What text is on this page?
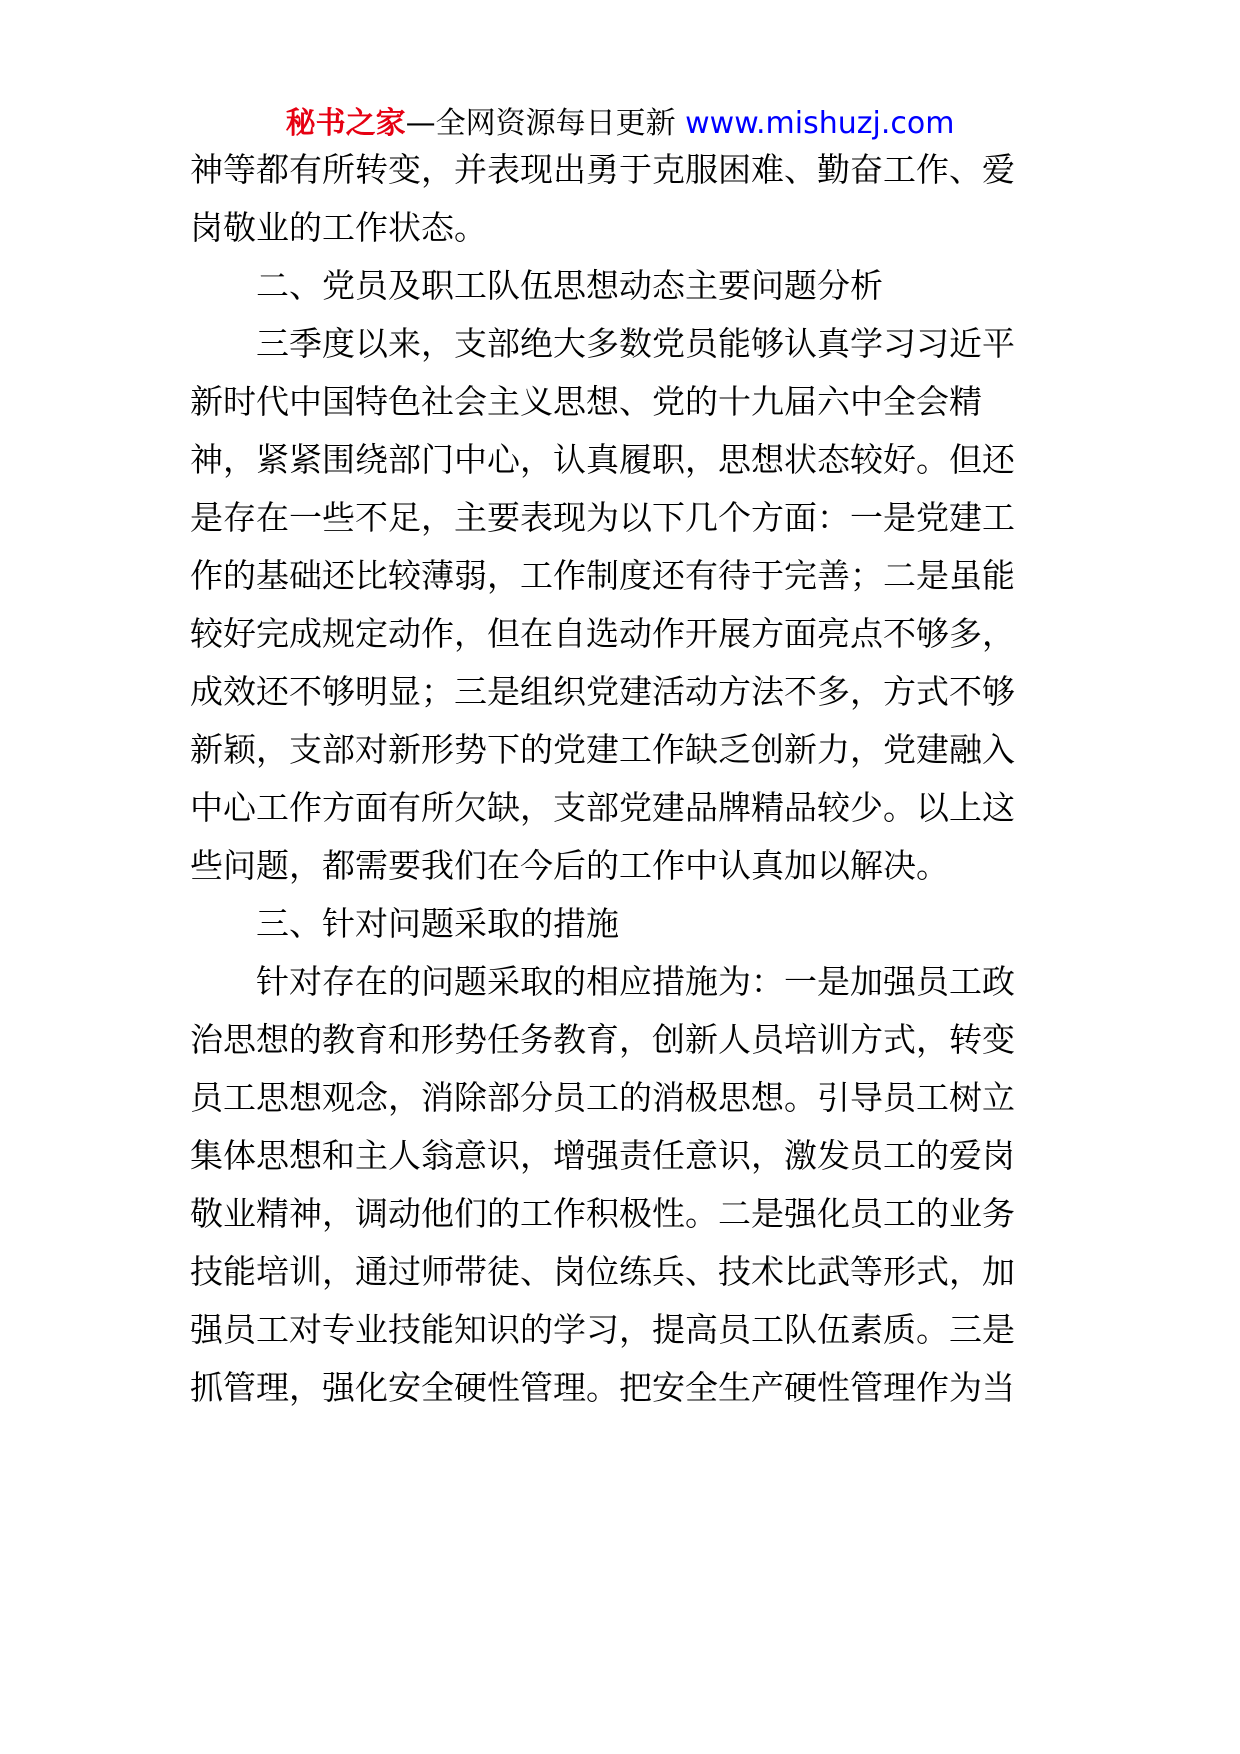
秘书之家—全网资源每日更新 www.mishuzj.com
神等都有所转变，并表现出勇于克服困难、勤奋工作、爱
岗敬业的工作状态。
　　二、党员及职工队伍思想动态主要问题分析
　　三季度以来，支部绝大多数党员能够认真学习习近平
新时代中国特色社会主义思想、党的十九届六中全会精
神，紧紧围绕部门中心，认真履职，思想状态较好。但还
是存在一些不足，主要表现为以下几个方面：一是党建工
作的基础还比较薄弱，工作制度还有待于完善；二是虽能
较好完成规定动作，但在自选动作开展方面亮点不够多，
成效还不够明显；三是组织党建活动方法不多，方式不够
新颖，支部对新形势下的党建工作缺乏创新力，党建融入
中心工作方面有所欠缺，支部党建品牌精品较少。以上这
些问题，都需要我们在今后的工作中认真加以解决。
　　三、针对问题采取的措施
　　针对存在的问题采取的相应措施为：一是加强员工政
治思想的教育和形势任务教育，创新人员培训方式，转变
员工思想观念，消除部分员工的消极思想。引导员工树立
集体思想和主人翁意识，增强责任意识，激发员工的爱岗
敬业精神，调动他们的工作积极性。二是强化员工的业务
技能培训，通过师带徒、岗位练兵、技术比武等形式，加
强员工对专业技能知识的学习，提高员工队伍素质。三是
抓管理，强化安全硬性管理。把安全生产硬性管理作为当
